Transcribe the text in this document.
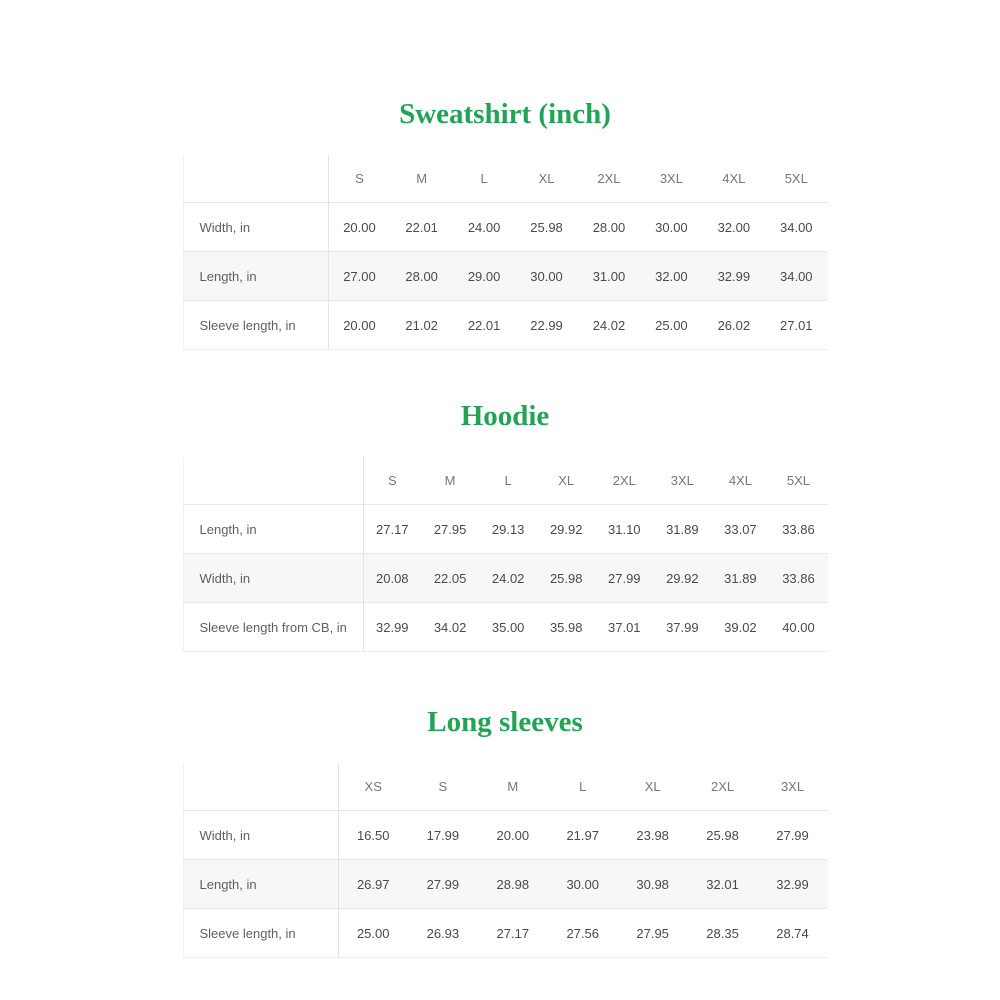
Sweatshirt (inch)
	S	M	L	XL	2XL	3XL	4XL	5XL
Width, in	20.00	22.01	24.00	25.98	28.00	30.00	32.00	34.00
Length, in	27.00	28.00	29.00	30.00	31.00	32.00	32.99	34.00
Sleeve length, in	20.00	21.02	22.01	22.99	24.02	25.00	26.02	27.01
Hoodie
	S	M	L	XL	2XL	3XL	4XL	5XL
Length, in	27.17	27.95	29.13	29.92	31.10	31.89	33.07	33.86
Width, in	20.08	22.05	24.02	25.98	27.99	29.92	31.89	33.86
Sleeve length from CB, in	32.99	34.02	35.00	35.98	37.01	37.99	39.02	40.00
Long sleeves
	XS	S	M	L	XL	2XL	3XL
Width, in	16.50	17.99	20.00	21.97	23.98	25.98	27.99
Length, in	26.97	27.99	28.98	30.00	30.98	32.01	32.99
Sleeve length, in	25.00	26.93	27.17	27.56	27.95	28.35	28.74
